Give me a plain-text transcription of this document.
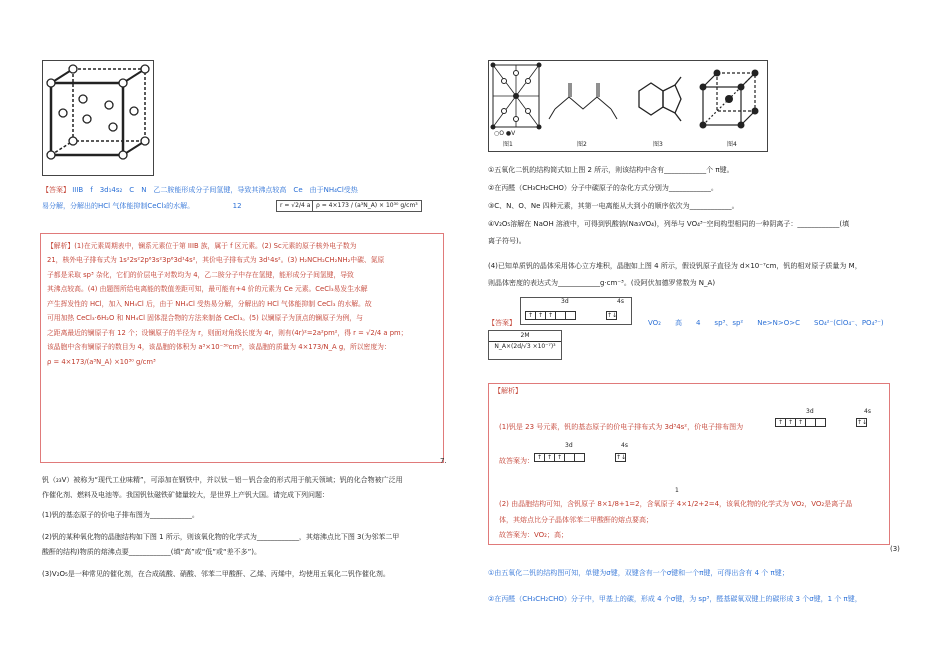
【答案】 IIIB　f　3d₁4s₂　C　N　乙二胺能形成分子间氢键，导致其沸点较高　Ce　由于NH₄Cl受热
易分解，分解出的HCl 气体能抑制CeCl₃的水解。　　　　　　12	r = √2/4 a ρ = 4×173 / (a³N_A) × 10³⁰ g/cm³
【解析】(1)在元素周期表中，镧系元素位于第 IIIB 族，属于 f 区元素。(2) Sc元素的原子核外电子数为
21，核外电子排布式为 1s²2s²2p⁶3s²3p⁶3d¹4s²，其价电子排布式为 3d¹4s²。(3) H₂NCH₂CH₂NH₂中碳、氮原
子都是采取 sp³ 杂化，它们的价层电子对数均为 4，乙二胺分子中存在氢键，能形成分子间氢键，导致
其沸点较高。(4) 由题图所给电离能的数值差距可知，最可能有+4 价的元素为 Ce 元素。CeCl₃易发生水解
产生挥发性的 HCl，加入 NH₄Cl 后，由于 NH₄Cl 受热易分解，分解出的 HCl 气体能抑制 CeCl₃ 的水解。故
可用加热 CeCl₃·6H₂O 和 NH₄Cl 固体混合物的方法来制备 CeCl₃。(5) 以镧原子为顶点的镧原子为例，与
之距离最近的镧原子有 12 个；设镧原子的半径为 r，则面对角线长度为 4r，则有(4r)²=2a²pm²，得 r = √2/4 a pm；
该晶胞中含有镧原子的数目为 4，该晶胞的体积为 a³×10⁻³⁰cm³，该晶胞的质量为 4×173/N_A g，所以密度为：
ρ = 4×173/(a³N_A) ×10³⁰ g/cm³
7.
钒（₂₃V）被称为“现代工业味精”，可添加在钢铁中，并以钛－铝－钒合金的形式用于航天领域；钒的化合物被广泛用
作催化剂、燃料及电池等。我国钒钛磁铁矿储量较大，是世界上产钒大国。请完成下列问题：
(1)钒的基态原子的价电子排布图为____________。
(2)钒的某种氧化物的晶胞结构如下图 1 所示，则该氧化物的化学式为____________，其熔沸点比下图 3(为邻苯二甲
酸酐的结构)物质的熔沸点要____________(填“高”或“低”或“差不多”)。
(3)V₂O₅是一种常见的催化剂，在合成硫酸、硝酸、邻苯二甲酸酐、乙烯、丙烯中，均使用五氧化二钒作催化剂。
○O ●V
图1	图2	图3	图4
①五氧化二钒的结构简式如上图 2 所示，则该结构中含有____________个 π键。
②在丙醛（CH₃CH₂CHO）分子中碳原子的杂化方式分别为____________。
③C、N、O、Ne 四种元素，其第一电离能从大到小的顺序依次为____________。
④V₂O₅溶解在 NaOH 溶液中，可得到钒酸钠(Na₃VO₄)，列举与 VO₄³⁻空间构型相同的一种阴离子：____________(填
离子符号)。
(4)已知单质钒的晶体采用体心立方堆积，晶胞如上图 4 所示，假设钒原子直径为 d×10⁻⁷cm，钒的相对原子质量为 M，
则晶体密度的表达式为____________g·cm⁻³。(设阿伏加德罗常数为 N_A)
【答案】
3d	4s
↑ ↑ ↑	↑↓
VO₂　　高　　4　　sp³、sp²　　Ne>N>O>C　　SO₄²⁻(ClO₄⁻、PO₄³⁻)
$\frac{2M}{\text{N\_A×(2d/√3 ×10⁻⁷)³}}$
【解析】
(1)钒是 23 号元素，钒的基态原子的价电子排布式为 3d³4s²，价电子排布图为
3d	4s
↑ ↑ ↑	↑↓
故答案为：
3d	4s
↑ ↑ ↑	↑↓
1
(2) 由晶胞结构可知，含钒原子 8×1/8+1=2，含氧原子 4×1/2+2=4，该氧化物的化学式为 VO₂，VO₂是离子晶
体，其熔点比分子晶体邻苯二甲酸酐的熔点要高；
故答案为：VO₂；高；
(3)
①由五氧化二钒的结构图可知，单键为σ键，双键含有一个σ键和一个π键，可得出含有 4 个 π键；
②在丙醛（CH₃CH₂CHO）分子中，甲基上的碳，形成 4 个σ键，为 sp³，醛基碳氧双键上的碳形成 3 个σ键，1 个 π键，
